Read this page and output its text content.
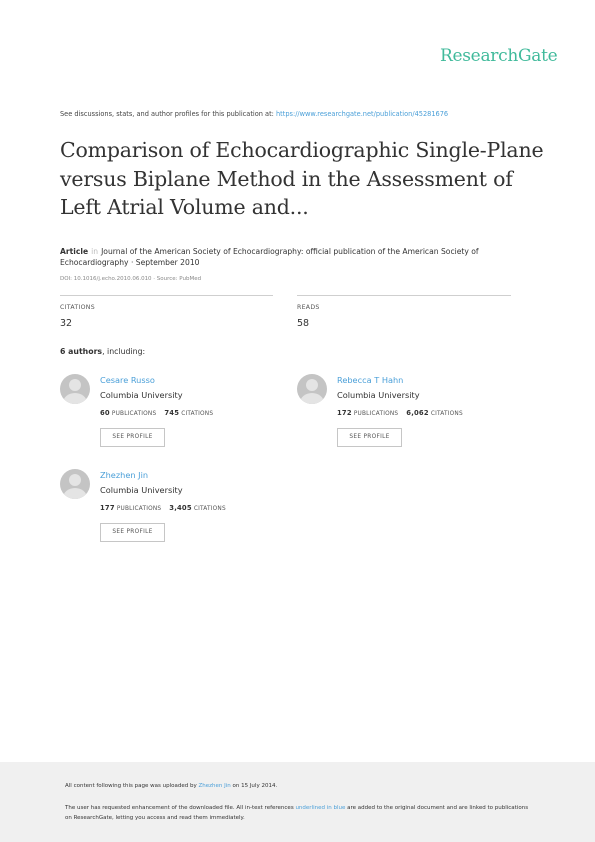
ResearchGate
See discussions, stats, and author profiles for this publication at: https://www.researchgate.net/publication/45281676
Comparison of Echocardiographic Single-Plane versus Biplane Method in the Assessment of Left Atrial Volume and...
Article in Journal of the American Society of Echocardiography: official publication of the American Society of Echocardiography · September 2010
DOI: 10.1016/j.echo.2010.06.010 · Source: PubMed
CITATIONS
32
READS
58
6 authors, including:
Cesare Russo
Columbia University
60 PUBLICATIONS 745 CITATIONS
SEE PROFILE
Rebecca T Hahn
Columbia University
172 PUBLICATIONS 6,062 CITATIONS
SEE PROFILE
Zhezhen Jin
Columbia University
177 PUBLICATIONS 3,405 CITATIONS
SEE PROFILE
All content following this page was uploaded by Zhezhen Jin on 15 July 2014.
The user has requested enhancement of the downloaded file. All in-text references underlined in blue are added to the original document and are linked to publications on ResearchGate, letting you access and read them immediately.
